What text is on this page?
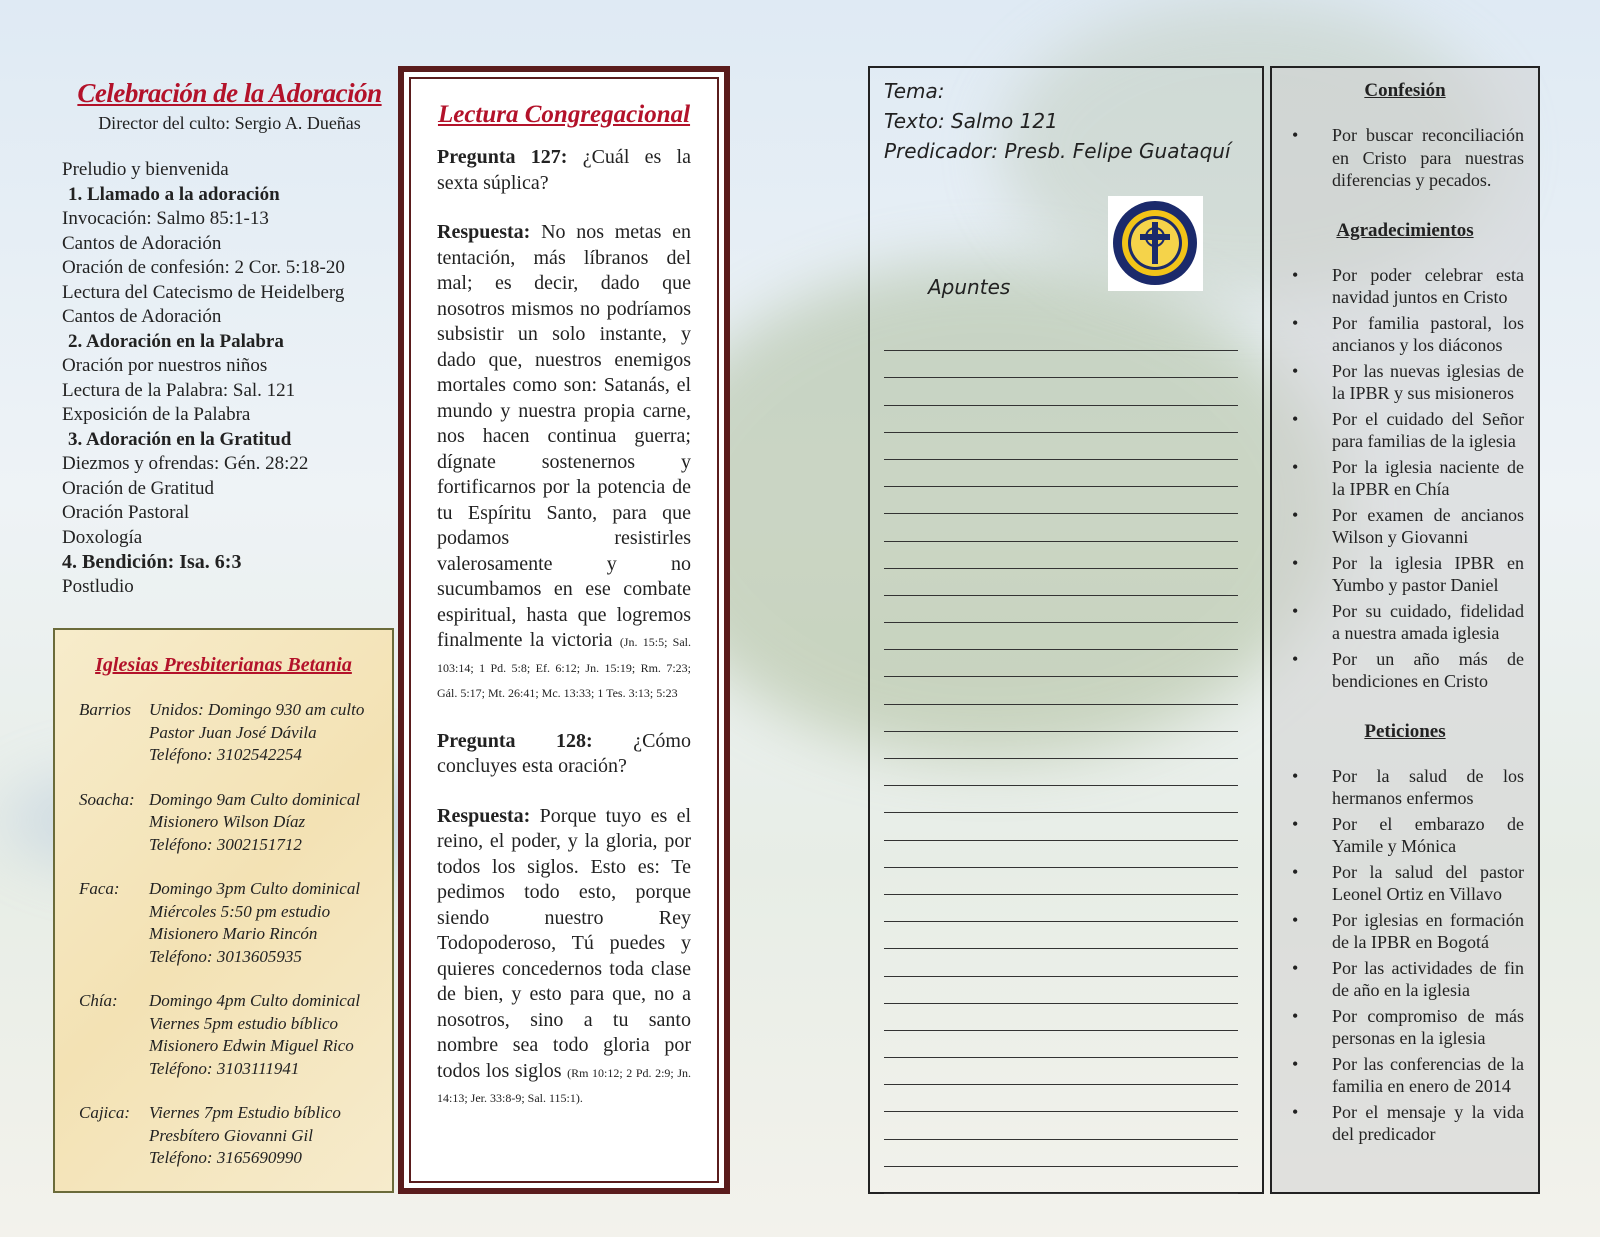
Celebración de la Adoración
Director del culto: Sergio A. Dueñas
Preludio y bienvenida
1. Llamado a la adoración
Invocación: Salmo 85:1-13
Cantos de Adoración
Oración de confesión: 2 Cor. 5:18-20
Lectura del Catecismo de Heidelberg
Cantos de Adoración
2. Adoración en la Palabra
Oración por nuestros niños
Lectura de la Palabra: Sal. 121
Exposición de la Palabra
3. Adoración en la Gratitud
Diezmos y ofrendas: Gén. 28:22
Oración de Gratitud
Oración Pastoral
Doxología
4. Bendición: Isa. 6:3
Postludio
Iglesias Presbiterianas Betania
Barrios	Unidos: Domingo 930 am culto
Pastor Juan José Dávila
Teléfono: 3102542254
Soacha: Domingo 9am Culto dominical
Misionero Wilson Díaz
Teléfono: 3002151712
Faca:	Domingo 3pm Culto dominical
Miércoles 5:50 pm estudio
Misionero Mario Rincón
Teléfono: 3013605935
Chía:	Domingo 4pm Culto dominical
Viernes 5pm estudio bíblico
Misionero Edwin Miguel Rico
Teléfono: 3103111941
Cajica:	Viernes 7pm Estudio bíblico
Presbítero Giovanni Gil
Teléfono: 3165690990
Lectura Congregacional
Pregunta 127: ¿Cuál es la sexta súplica?
Respuesta: No nos metas en tentación, más líbranos del mal; es decir, dado que nosotros mismos no podríamos subsistir un solo instante, y dado que, nuestros enemigos mortales como son: Satanás, el mundo y nuestra propia carne, nos hacen continua guerra; dígnate sostenernos y fortificarnos por la potencia de tu Espíritu Santo, para que podamos resistirles valerosamente y no sucumbamos en ese combate espiritual, hasta que logremos finalmente la victoria (Jn. 15:5; Sal. 103:14; 1 Pd. 5:8; Ef. 6:12; Jn. 15:19; Rm. 7:23; Gál. 5:17; Mt. 26:41; Mc. 13:33; 1 Tes. 3:13; 5:23
Pregunta 128: ¿Cómo concluyes esta oración?
Respuesta: Porque tuyo es el reino, el poder, y la gloria, por todos los siglos. Esto es: Te pedimos todo esto, porque siendo nuestro Rey Todopoderoso, Tú puedes y quieres concedernos toda clase de bien, y esto para que, no a nosotros, sino a tu santo nombre sea todo gloria por todos los siglos (Rm 10:12; 2 Pd. 2:9; Jn. 14:13; Jer. 33:8-9; Sal. 115:1).
Tema:
Texto: Salmo 121
Predicador: Presb. Felipe Guataquí
Apuntes
Confesión
• Por buscar reconciliación en Cristo para nuestras diferencias y pecados.
Agradecimientos
• Por poder celebrar esta navidad juntos en Cristo
• Por familia pastoral, los ancianos y los diáconos
• Por las nuevas iglesias de la IPBR y sus misioneros
• Por el cuidado del Señor para familias de la iglesia
• Por la iglesia naciente de la IPBR en Chía
• Por examen de ancianos Wilson y Giovanni
• Por la iglesia IPBR en Yumbo y pastor Daniel
• Por su cuidado, fidelidad a nuestra amada iglesia
• Por un año más de bendiciones en Cristo
Peticiones
• Por la salud de los hermanos enfermos
• Por el embarazo de Yamile y Mónica
• Por la salud del pastor Leonel Ortiz en Villavo
• Por iglesias en formación de la IPBR en Bogotá
• Por las actividades de fin de año en la iglesia
• Por compromiso de más personas en la iglesia
• Por las conferencias de la familia en enero de 2014
• Por el mensaje y la vida del predicador
